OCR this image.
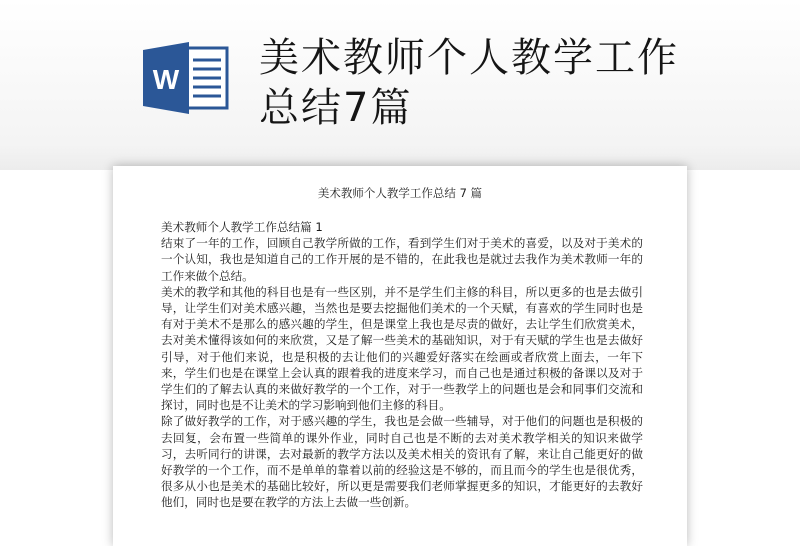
W 美术教师个人教学工作总结7篇
美术教师个人教学工作总结 7 篇

美术教师个人教学工作总结篇 1

结束了一年的工作，回顾自己教学所做的工作，看到学生们对于美术的喜爱，以及对于美术的一个认知，我也是知道自己的工作开展的是不错的，在此我也是就过去我作为美术教师一年的工作来做个总结。

美术的教学和其他的科目也是有一些区别，并不是学生们主修的科目，所以更多的也是去做引导，让学生们对美术感兴趣，当然也是要去挖掘他们美术的一个天赋，有喜欢的学生同时也是有对于美术不是那么的感兴趣的学生，但是课堂上我也是尽责的做好，去让学生们欣赏美术，去对美术懂得该如何的来欣赏，又是了解一些美术的基础知识，对于有天赋的学生也是去做好引导，对于他们来说，也是积极的去让他们的兴趣爱好落实在绘画或者欣赏上面去，一年下来，学生们也是在课堂上会认真的跟着我的进度来学习，而自己也是通过积极的备课以及对于学生们的了解去认真的来做好教学的一个工作，对于一些教学上的问题也是会和同事们交流和探讨，同时也是不让美术的学习影响到他们主修的科目。

除了做好教学的工作，对于感兴趣的学生，我也是会做一些辅导，对于他们的问题也是积极的去回复，会布置一些简单的课外作业，同时自己也是不断的去对美术教学相关的知识来做学习，去听同行的讲课，去对最新的教学方法以及美术相关的资讯有了解，来让自己能更好的做好教学的一个工作，而不是单单的靠着以前的经验这是不够的，而且而今的学生也是很优秀，很多从小也是美术的基础比较好，所以更是需要我们老师掌握更多的知识，才能更好的去教好他们，同时也是要在教学的方法上去做一些创新。
